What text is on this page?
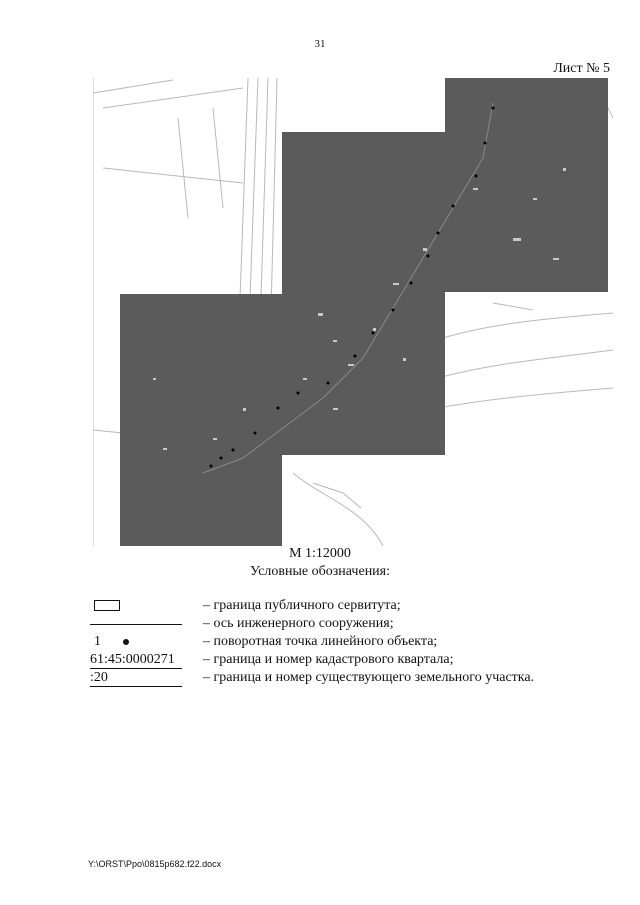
31
Лист № 5
М 1:12000
Условные обозначения:
– граница публичного сервитута;
– ось инженерного сооружения;
1	– поворотная точка линейного объекта;
61:45:0000271 – граница и номер кадастрового квартала;
:20	– граница и номер существующего земельного участка.
Y:\ORST\Ppo\0815p682.f22.docx
